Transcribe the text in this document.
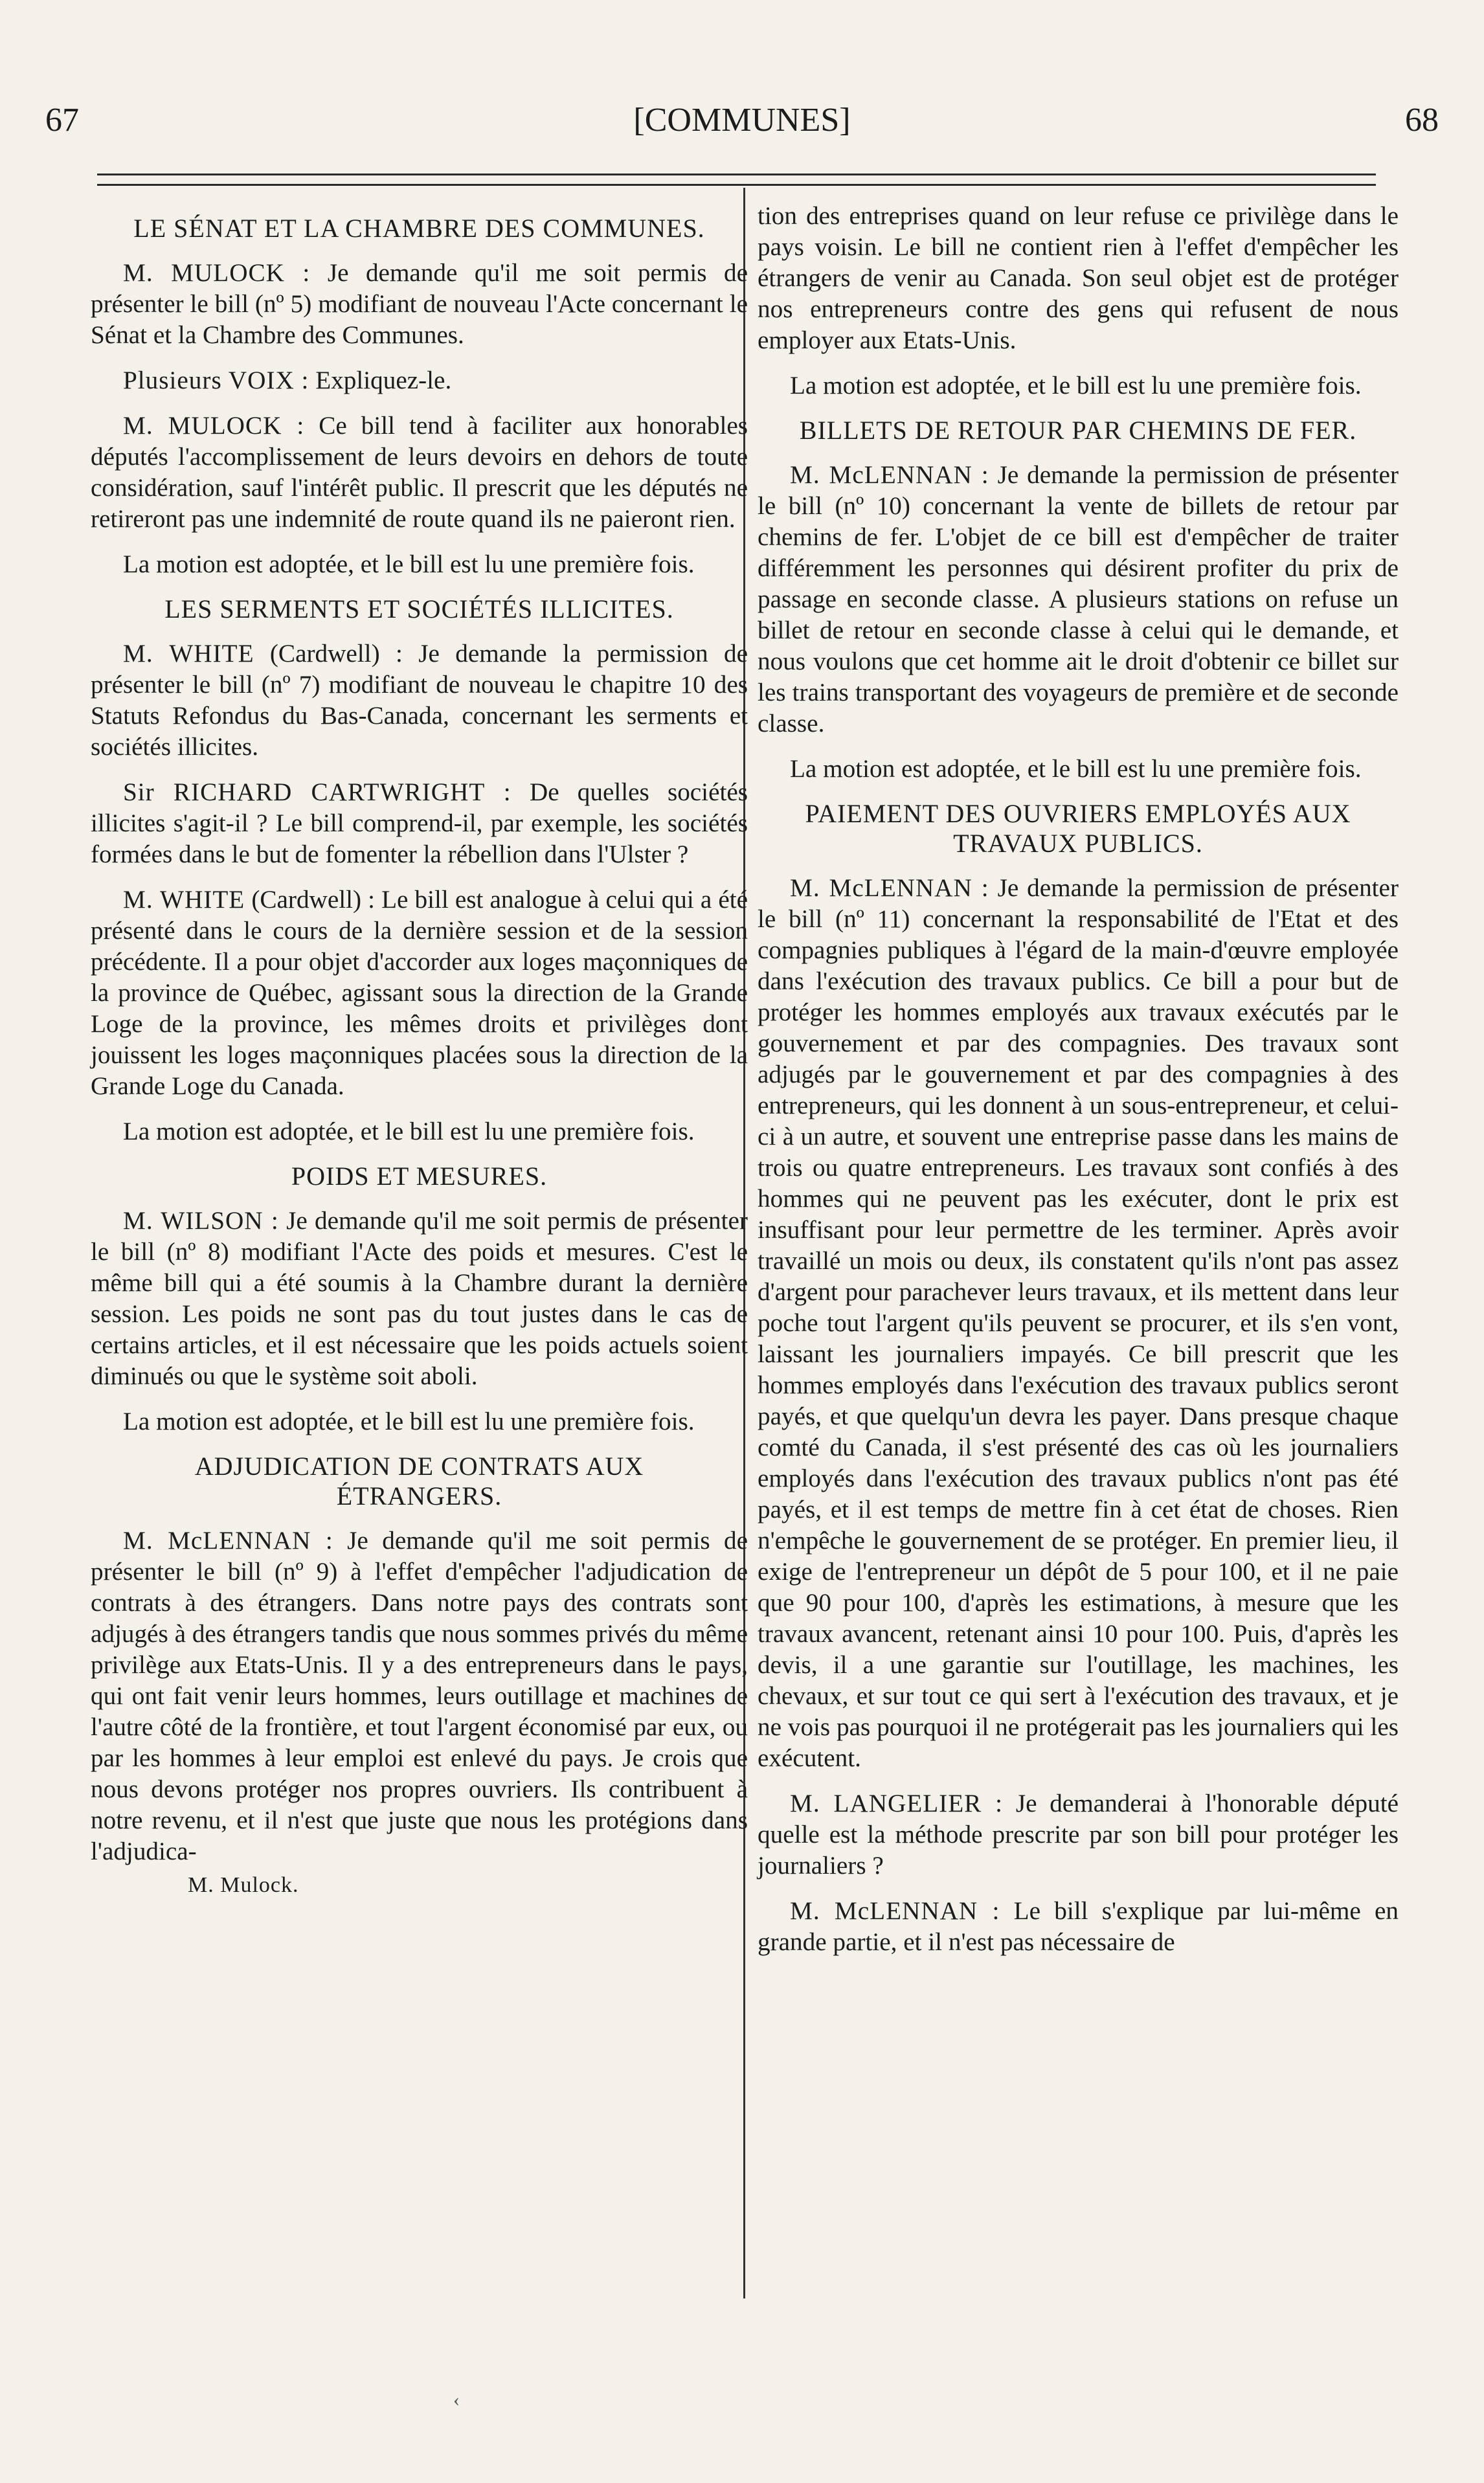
67	[COMMUNES]	68
LE SÉNAT ET LA CHAMBRE DES COMMUNES.

M. MULOCK : Je demande qu'il me soit permis de présenter le bill (nº 5) modifiant de nouveau l'Acte concernant le Sénat et la Chambre des Communes.

Plusieurs VOIX : Expliquez-le.

M. MULOCK : Ce bill tend à faciliter aux honorables députés l'accomplissement de leurs devoirs en dehors de toute considération, sauf l'intérêt public. Il prescrit que les députés ne retireront pas une indemnité de route quand ils ne paieront rien.

La motion est adoptée, et le bill est lu une première fois.

LES SERMENTS ET SOCIÉTÉS ILLICITES.

M. WHITE (Cardwell) : Je demande la permission de présenter le bill (nº 7) modifiant de nouveau le chapitre 10 des Statuts Refondus du Bas-Canada, concernant les serments et sociétés illicites.

Sir RICHARD CARTWRIGHT : De quelles sociétés illicites s'agit-il ? Le bill comprend-il, par exemple, les sociétés formées dans le but de fomenter la rébellion dans l'Ulster ?

M. WHITE (Cardwell) : Le bill est analogue à celui qui a été présenté dans le cours de la dernière session et de la session précédente. Il a pour objet d'accorder aux loges maçonniques de la province de Québec, agissant sous la direction de la Grande Loge de la province, les mêmes droits et privilèges dont jouissent les loges maçonniques placées sous la direction de la Grande Loge du Canada.

La motion est adoptée, et le bill est lu une première fois.

POIDS ET MESURES.

M. WILSON : Je demande qu'il me soit permis de présenter le bill (nº 8) modifiant l'Acte des poids et mesures. C'est le même bill qui a été soumis à la Chambre durant la dernière session. Les poids ne sont pas du tout justes dans le cas de certains articles, et il est nécessaire que les poids actuels soient diminués ou que le système soit aboli.

La motion est adoptée, et le bill est lu une première fois.

ADJUDICATION DE CONTRATS AUX ÉTRANGERS.

M. McLENNAN : Je demande qu'il me soit permis de présenter le bill (nº 9) à l'effet d'empêcher l'adjudication de contrats à des étrangers. Dans notre pays des contrats sont adjugés à des étrangers tandis que nous sommes privés du même privilège aux Etats-Unis. Il y a des entrepreneurs dans le pays, qui ont fait venir leurs hommes, leurs outillage et machines de l'autre côté de la frontière, et tout l'argent économisé par eux, ou par les hommes à leur emploi est enlevé du pays. Je crois que nous devons protéger nos propres ouvriers. Ils contribuent à notre revenu, et il n'est que juste que nous les protégions dans l'adjudica-

M. Mulock.

tion des entreprises quand on leur refuse ce privilège dans le pays voisin. Le bill ne contient rien à l'effet d'empêcher les étrangers de venir au Canada. Son seul objet est de protéger nos entrepreneurs contre des gens qui refusent de nous employer aux Etats-Unis.

La motion est adoptée, et le bill est lu une première fois.

BILLETS DE RETOUR PAR CHEMINS DE FER.

M. McLENNAN : Je demande la permission de présenter le bill (nº 10) concernant la vente de billets de retour par chemins de fer. L'objet de ce bill est d'empêcher de traiter différemment les personnes qui désirent profiter du prix de passage en seconde classe. A plusieurs stations on refuse un billet de retour en seconde classe à celui qui le demande, et nous voulons que cet homme ait le droit d'obtenir ce billet sur les trains transportant des voyageurs de première et de seconde classe.

La motion est adoptée, et le bill est lu une première fois.

PAIEMENT DES OUVRIERS EMPLOYÉS AUX TRAVAUX PUBLICS.

M. McLENNAN : Je demande la permission de présenter le bill (nº 11) concernant la responsabilité de l'Etat et des compagnies publiques à l'égard de la main-d'œuvre employée dans l'exécution des travaux publics. Ce bill a pour but de protéger les hommes employés aux travaux exécutés par le gouvernement et par des compagnies. Des travaux sont adjugés par le gouvernement et par des compagnies à des entrepreneurs, qui les donnent à un sous-entrepreneur, et celui-ci à un autre, et souvent une entreprise passe dans les mains de trois ou quatre entrepreneurs. Les travaux sont confiés à des hommes qui ne peuvent pas les exécuter, dont le prix est insuffisant pour leur permettre de les terminer. Après avoir travaillé un mois ou deux, ils constatent qu'ils n'ont pas assez d'argent pour parachever leurs travaux, et ils mettent dans leur poche tout l'argent qu'ils peuvent se procurer, et ils s'en vont, laissant les journaliers impayés. Ce bill prescrit que les hommes employés dans l'exécution des travaux publics seront payés, et que quelqu'un devra les payer. Dans presque chaque comté du Canada, il s'est présenté des cas où les journaliers employés dans l'exécution des travaux publics n'ont pas été payés, et il est temps de mettre fin à cet état de choses. Rien n'empêche le gouvernement de se protéger. En premier lieu, il exige de l'entrepreneur un dépôt de 5 pour 100, et il ne paie que 90 pour 100, d'après les estimations, à mesure que les travaux avancent, retenant ainsi 10 pour 100. Puis, d'après les devis, il a une garantie sur l'outillage, les machines, les chevaux, et sur tout ce qui sert à l'exécution des travaux, et je ne vois pas pourquoi il ne protégerait pas les journaliers qui les exécutent.

M. LANGELIER : Je demanderai à l'honorable député quelle est la méthode prescrite par son bill pour protéger les journaliers ?

M. McLENNAN : Le bill s'explique par lui-même en grande partie, et il n'est pas nécessaire de

‹
